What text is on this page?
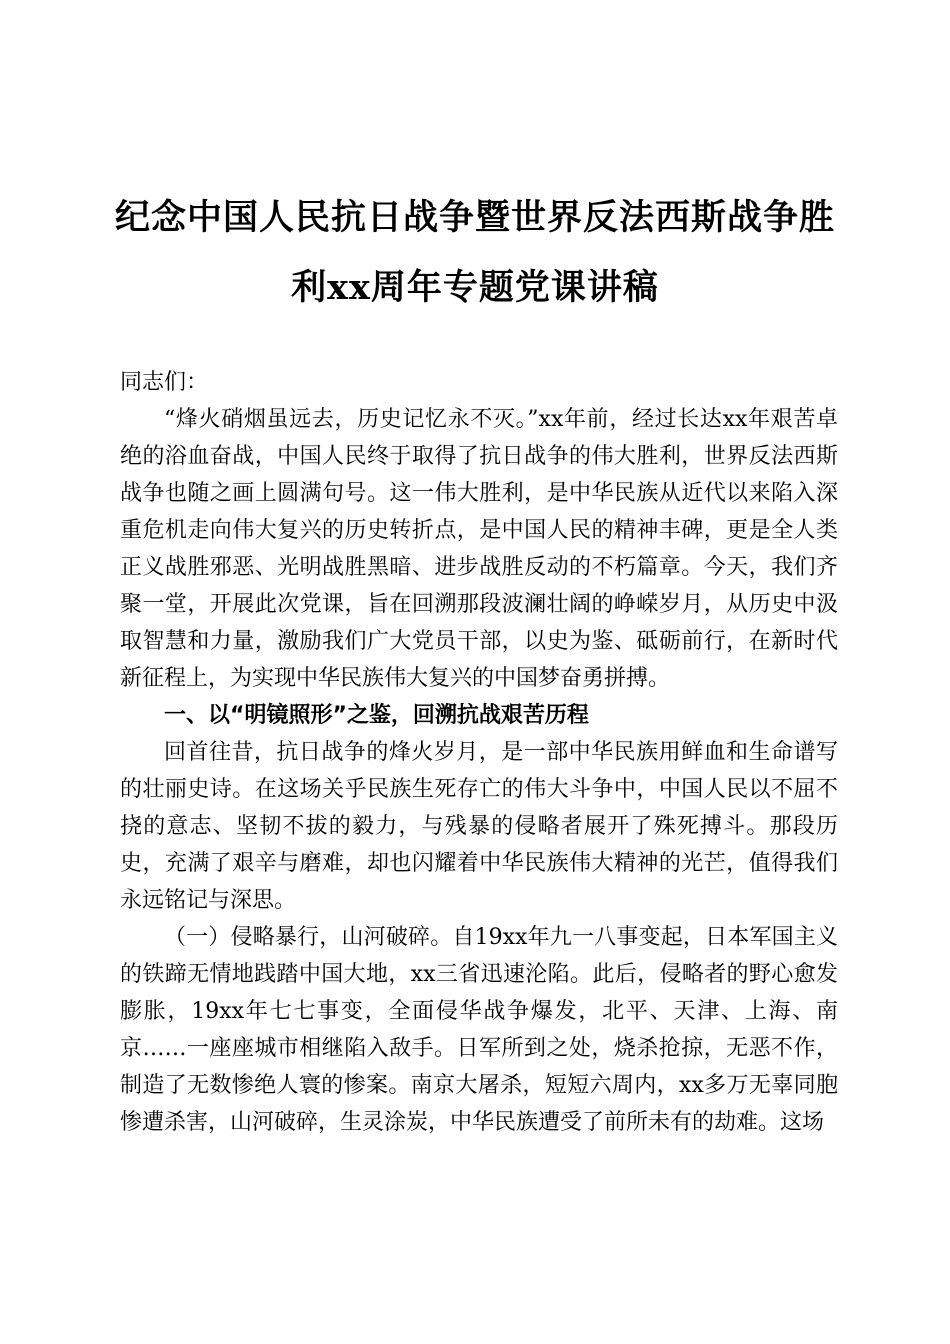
纪念中国人民抗日战争暨世界反法西斯战争胜
利xx周年专题党课讲稿

同志们：

“烽火硝烟虽远去，历史记忆永不灭。”xx年前，经过长达xx年艰苦卓绝的浴血奋战，中国人民终于取得了抗日战争的伟大胜利，世界反法西斯战争也随之画上圆满句号。这一伟大胜利，是中华民族从近代以来陷入深重危机走向伟大复兴的历史转折点，是中国人民的精神丰碑，更是全人类正义战胜邪恶、光明战胜黑暗、进步战胜反动的不朽篇章。今天，我们齐聚一堂，开展此次党课，旨在回溯那段波澜壮阔的峥嵘岁月，从历史中汲取智慧和力量，激励我们广大党员干部，以史为鉴、砥砺前行，在新时代新征程上，为实现中华民族伟大复兴的中国梦奋勇拼搏。

一、以“明镜照形”之鉴，回溯抗战艰苦历程

回首往昔，抗日战争的烽火岁月，是一部中华民族用鲜血和生命谱写的壮丽史诗。在这场关乎民族生死存亡的伟大斗争中，中国人民以不屈不挠的意志、坚韧不拔的毅力，与残暴的侵略者展开了殊死搏斗。那段历史，充满了艰辛与磨难，却也闪耀着中华民族伟大精神的光芒，值得我们永远铭记与深思。

（一）侵略暴行，山河破碎。自19xx年九一八事变起，日本军国主义的铁蹄无情地践踏中国大地，xx三省迅速沦陷。此后，侵略者的野心愈发膨胀，19xx年七七事变，全面侵华战争爆发，北平、天津、上海、南京……一座座城市相继陷入敌手。日军所到之处，烧杀抢掠，无恶不作，制造了无数惨绝人寰的惨案。南京大屠杀，短短六周内，xx多万无辜同胞惨遭杀害，山河破碎，生灵涂炭，中华民族遭受了前所未有的劫难。这场
